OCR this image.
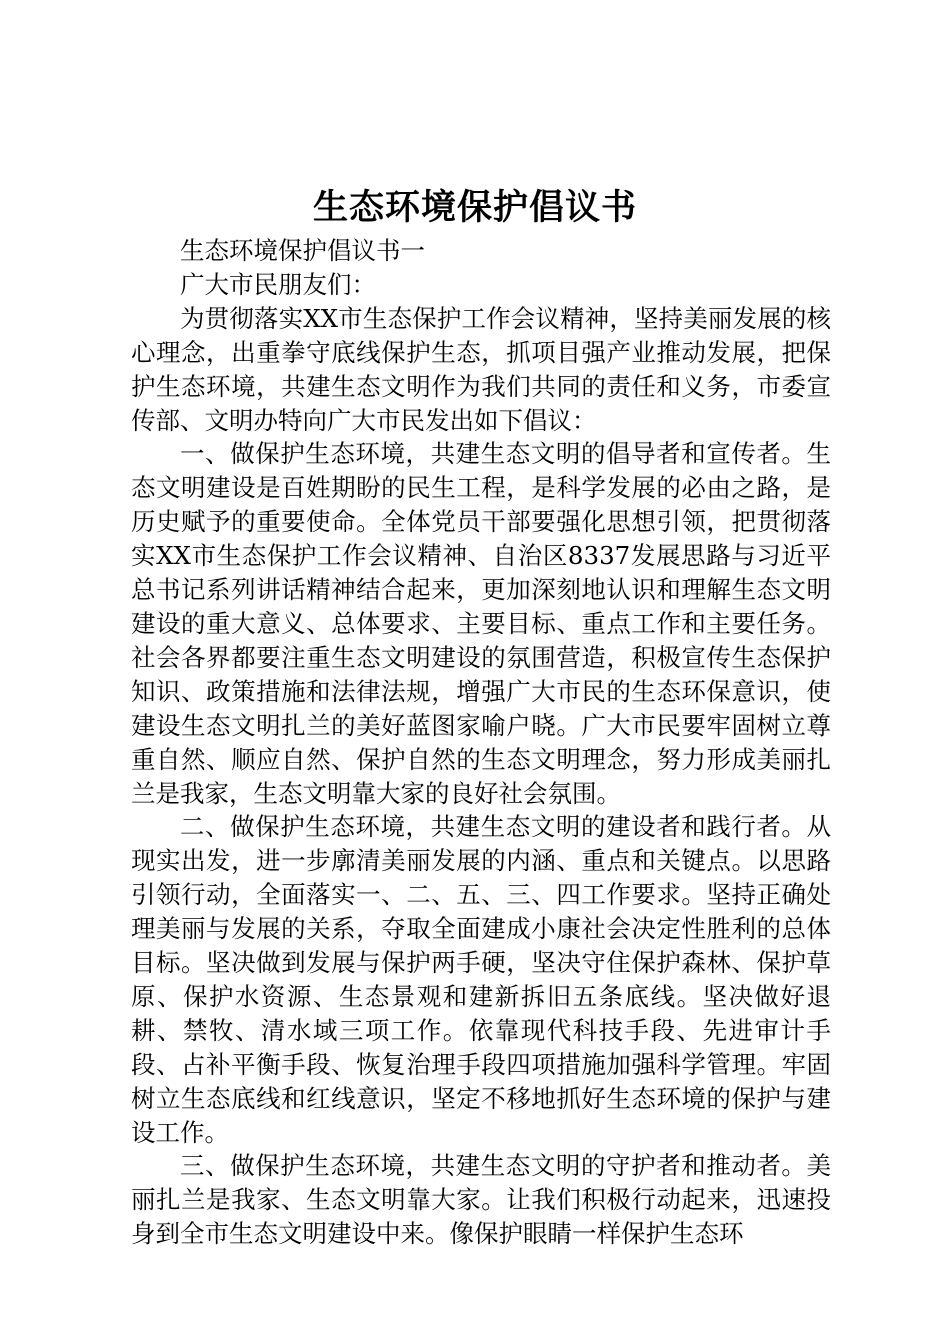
生态环境保护倡议书

生态环境保护倡议书一

广大市民朋友们：

为贯彻落实XX市生态保护工作会议精神，坚持美丽发展的核心理念，出重拳守底线保护生态，抓项目强产业推动发展，把保护生态环境，共建生态文明作为我们共同的责任和义务，市委宣传部、文明办特向广大市民发出如下倡议：

一、做保护生态环境，共建生态文明的倡导者和宣传者。生态文明建设是百姓期盼的民生工程，是科学发展的必由之路，是历史赋予的重要使命。全体党员干部要强化思想引领，把贯彻落实XX市生态保护工作会议精神、自治区8337发展思路与习近平总书记系列讲话精神结合起来，更加深刻地认识和理解生态文明建设的重大意义、总体要求、主要目标、重点工作和主要任务。社会各界都要注重生态文明建设的氛围营造，积极宣传生态保护知识、政策措施和法律法规，增强广大市民的生态环保意识，使建设生态文明扎兰的美好蓝图家喻户晓。广大市民要牢固树立尊重自然、顺应自然、保护自然的生态文明理念，努力形成美丽扎兰是我家，生态文明靠大家的良好社会氛围。

二、做保护生态环境，共建生态文明的建设者和践行者。从现实出发，进一步廓清美丽发展的内涵、重点和关键点。以思路引领行动，全面落实一、二、五、三、四工作要求。坚持正确处理美丽与发展的关系，夺取全面建成小康社会决定性胜利的总体目标。坚决做到发展与保护两手硬，坚决守住保护森林、保护草原、保护水资源、生态景观和建新拆旧五条底线。坚决做好退耕、禁牧、清水域三项工作。依靠现代科技手段、先进审计手段、占补平衡手段、恢复治理手段四项措施加强科学管理。牢固树立生态底线和红线意识，坚定不移地抓好生态环境的保护与建设工作。

三、做保护生态环境，共建生态文明的守护者和推动者。美丽扎兰是我家、生态文明靠大家。让我们积极行动起来，迅速投身到全市生态文明建设中来。像保护眼睛一样保护生态环
